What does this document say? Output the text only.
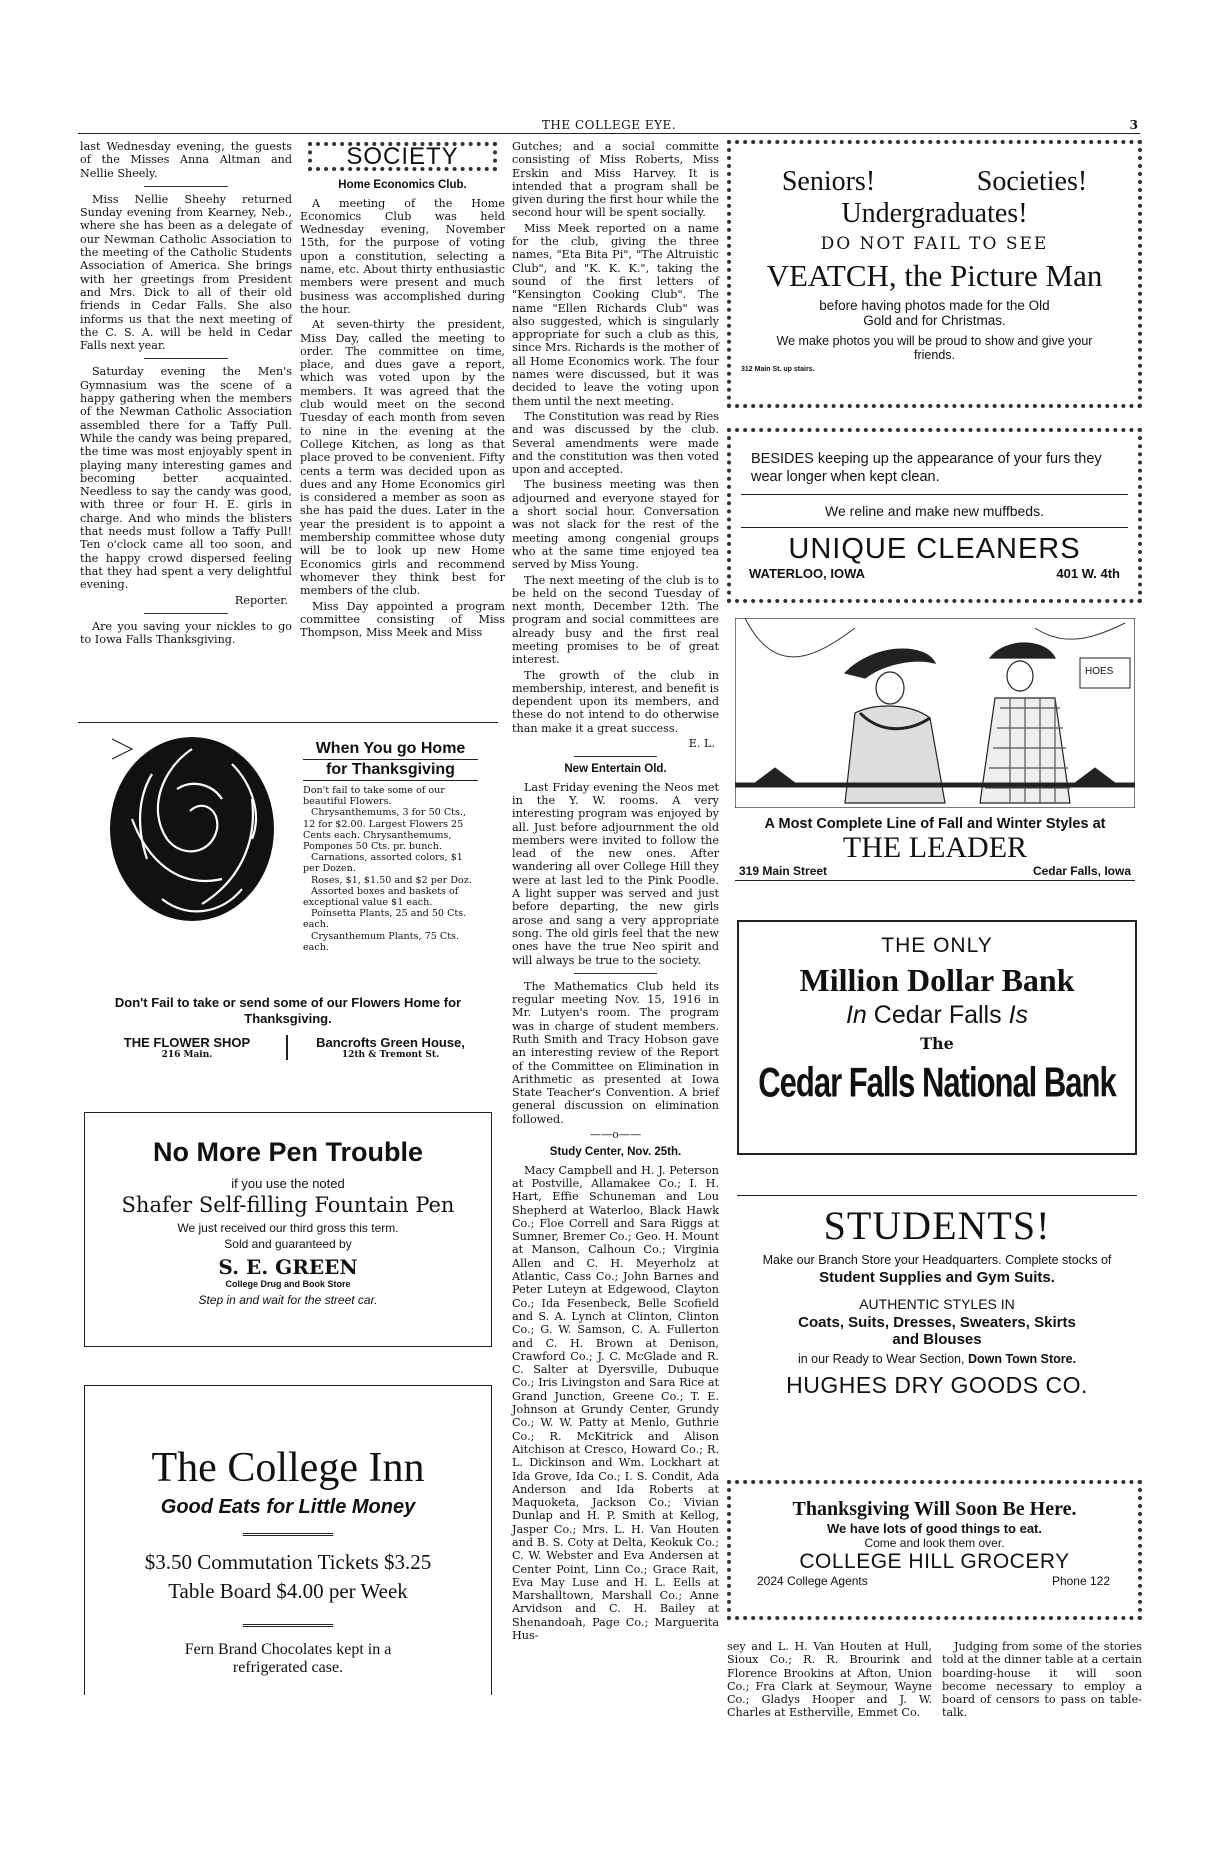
THE COLLEGE EYE.	3

last Wednesday evening, the guests of the Misses Anna Altman and Nellie Sheely.

Miss Nellie Sheehy returned Sunday evening from Kearney, Neb., where she has been as a delegate of our Newman Catholic Association to the meeting of the Catholic Students Association of America. She brings with her greetings from President and Mrs. Dick to all of their old friends in Cedar Falls. She also informs us that the next meeting of the C. S. A. will be held in Cedar Falls next year.

Saturday evening the Men's Gymnasium was the scene of a happy gathering when the members of the Newman Catholic Association assembled there for a Taffy Pull. While the candy was being prepared, the time was most enjoyably spent in playing many interesting games and becoming better acquainted. Needless to say the candy was good, with three or four H. E. girls in charge. And who minds the blisters that needs must follow a Taffy Pull! Ten o'clock came all too soon, and the happy crowd dispersed feeling that they had spent a very delightful evening.

Reporter.

Are you saving your nickles to go to Iowa Falls Thanksgiving.

SOCIETY
Home Economics Club.

A meeting of the Home Economics Club was held Wednesday evening, November 15th, for the purpose of voting upon a constitution, selecting a name, etc. About thirty enthusiastic members were present and much business was accomplished during the hour.

At seven-thirty the president, Miss Day, called the meeting to order. The committee on time, place, and dues gave a report, which was voted upon by the members. It was agreed that the club would meet on the second Tuesday of each month from seven to nine in the evening at the College Kitchen, as long as that place proved to be convenient. Fifty cents a term was decided upon as dues and any Home Economics girl is considered a member as soon as she has paid the dues. Later in the year the president is to appoint a membership committee whose duty will be to look up new Home Economics girls and recommend whomever they think best for members of the club.

Miss Day appointed a program committee consisting of Miss Thompson, Miss Meek and Miss

Gutches; and a social committe consisting of Miss Roberts, Miss Erskin and Miss Harvey. It is intended that a program shall be given during the first hour while the second hour will be spent socially.

Miss Meek reported on a name for the club, giving the three names, "Eta Bita Pi", "The Altruistic Club", and "K. K. K.", taking the sound of the first letters of "Kensington Cooking Club". The name "Ellen Richards Club" was also suggested, which is singularly appropriate for such a club as this, since Mrs. Richards is the mother of all Home Economics work. The four names were discussed, but it was decided to leave the voting upon them until the next meeting.

The Constitution was read by Ries and was discussed by the club. Several amendments were made and the constitution was then voted upon and accepted.

The business meeting was then adjourned and everyone stayed for a short social hour. Conversation was not slack for the rest of the meeting among congenial groups who at the same time enjoyed tea served by Miss Young.

The next meeting of the club is to be held on the second Tuesday of next month, December 12th. The program and social committees are already busy and the first real meeting promises to be of great interest.

The growth of the club in membership, interest, and benefit is dependent upon its members, and these do not intend to do otherwise than make it a great success.

E. L.
New Entertain Old.

Last Friday evening the Neos met in the Y. W. rooms. A very interesting program was enjoyed by all. Just before adjournment the old members were invited to follow the lead of the new ones. After wandering all over College Hill they were at last led to the Pink Poodle. A light supper was served and just before departing, the new girls arose and sang a very appropriate song. The old girls feel that the new ones have the true Neo spirit and will always be true to the society.

The Mathematics Club held its regular meeting Nov. 15, 1916 in Mr. Lutyen's room. The program was in charge of student members. Ruth Smith and Tracy Hobson gave an interesting review of the Report of the Committee on Elimination in Arithmetic as presented at Iowa State Teacher's Convention. A brief general discussion on elimination followed.

——o——
Study Center, Nov. 25th.

Macy Campbell and H. J. Peterson at Postville, Allamakee Co.; I. H. Hart, Effie Schuneman and Lou Shepherd at Waterloo, Black Hawk Co.; Floe Correll and Sara Riggs at Sumner, Bremer Co.; Geo. H. Mount at Manson, Calhoun Co.; Virginia Allen and C. H. Meyerholz at Atlantic, Cass Co.; John Barnes and Peter Luteyn at Edgewood, Clayton Co.; Ida Fesenbeck, Belle Scofield and S. A. Lynch at Clinton, Clinton Co.; G. W. Samson, C. A. Fullerton and C. H. Brown at Denison, Crawford Co.; J. C. McGlade and R. C. Salter at Dyersville, Dubuque Co.; Iris Livingston and Sara Rice at Grand Junction, Greene Co.; T. E. Johnson at Grundy Center, Grundy Co.; W. W. Patty at Menlo, Guthrie Co.; R. McKitrick and Alison Aitchison at Cresco, Howard Co.; R. L. Dickinson and Wm. Lockhart at Ida Grove, Ida Co.; I. S. Condit, Ada Anderson and Ida Roberts at Maquoketa, Jackson Co.; Vivian Dunlap and H. P. Smith at Kellog, Jasper Co.; Mrs. L. H. Van Houten and B. S. Coty at Delta, Keokuk Co.; C. W. Webster and Eva Andersen at Center Point, Linn Co.; Grace Rait, Eva May Luse and H. L. Eells at Marshalltown, Marshall Co.; Anne Arvidson and C. H. Bailey at Shenandoah, Page Co.; Marguerita Hus-

sey and L. H. Van Houten at Hull, Sioux Co.; R. R. Brourink and Florence Brookins at Afton, Union Co.; Fra Clark at Seymour, Wayne Co.; Gladys Hooper and J. W. Charles at Estherville, Emmet Co.

Judging from some of the stories told at the dinner table at a certain boarding-house it will soon become necessary to employ a board of censors to pass on table-talk.

When You go Home
for Thanksgiving

Don't fail to take some of our beautiful Flowers.

Chrysanthemums, 3 for 50 Cts., 12 for $2.00. Largest Flowers 25 Cents each. Chrysanthemums, Pompones 50 Cts. pr. bunch.

Carnations, assorted colors, $1 per Dozen.

Roses, $1, $1.50 and $2 per Doz.

Assorted boxes and baskets of exceptional value $1 each.

Poinsetta Plants, 25 and 50 Cts. each.

Crysanthemum Plants, 75 Cts. each.

Don't Fail to take or send some of our Flowers Home for Thanksgiving.
THE FLOWER SHOP
216 Main.
Bancrofts Green House,
12th & Tremont St.
No More Pen Trouble
if you use the noted
Shafer Self-filling Fountain Pen
We just received our third gross this term.
Sold and guaranteed by
S. E. GREEN
College Drug and Book Store
Step in and wait for the street car.
The College Inn
Good Eats for Little Money
$3.50 Commutation Tickets $3.25
Table Board $4.00 per Week
Fern Brand Chocolates kept in a refrigerated case.
Seniors!	Societies!
Undergraduates!
DO NOT FAIL TO SEE
VEATCH, the Picture Man
before having photos made for the Old Gold and for Christmas.
We make photos you will be proud to show and give your friends.
312 Main St. up stairs.
BESIDES keeping up the appearance of your furs they wear longer when kept clean.
We reline and make new muffbeds.
UNIQUE CLEANERS
WATERLOO, IOWA	401 W. 4th
HOES
A Most Complete Line of Fall and Winter Styles at
THE LEADER
319 Main Street	Cedar Falls, Iowa
THE ONLY
Million Dollar Bank
In Cedar Falls Is
The
Cedar Falls National Bank
STUDENTS!
Make our Branch Store your Headquarters. Complete stocks of
Student Supplies and Gym Suits.
AUTHENTIC STYLES IN
Coats, Suits, Dresses, Sweaters, Skirts
and Blouses
in our Ready to Wear Section, Down Town Store.
HUGHES DRY GOODS CO.
Thanksgiving Will Soon Be Here.
We have lots of good things to eat.
Come and look them over.
COLLEGE HILL GROCERY
2024 College Agents	Phone 122
